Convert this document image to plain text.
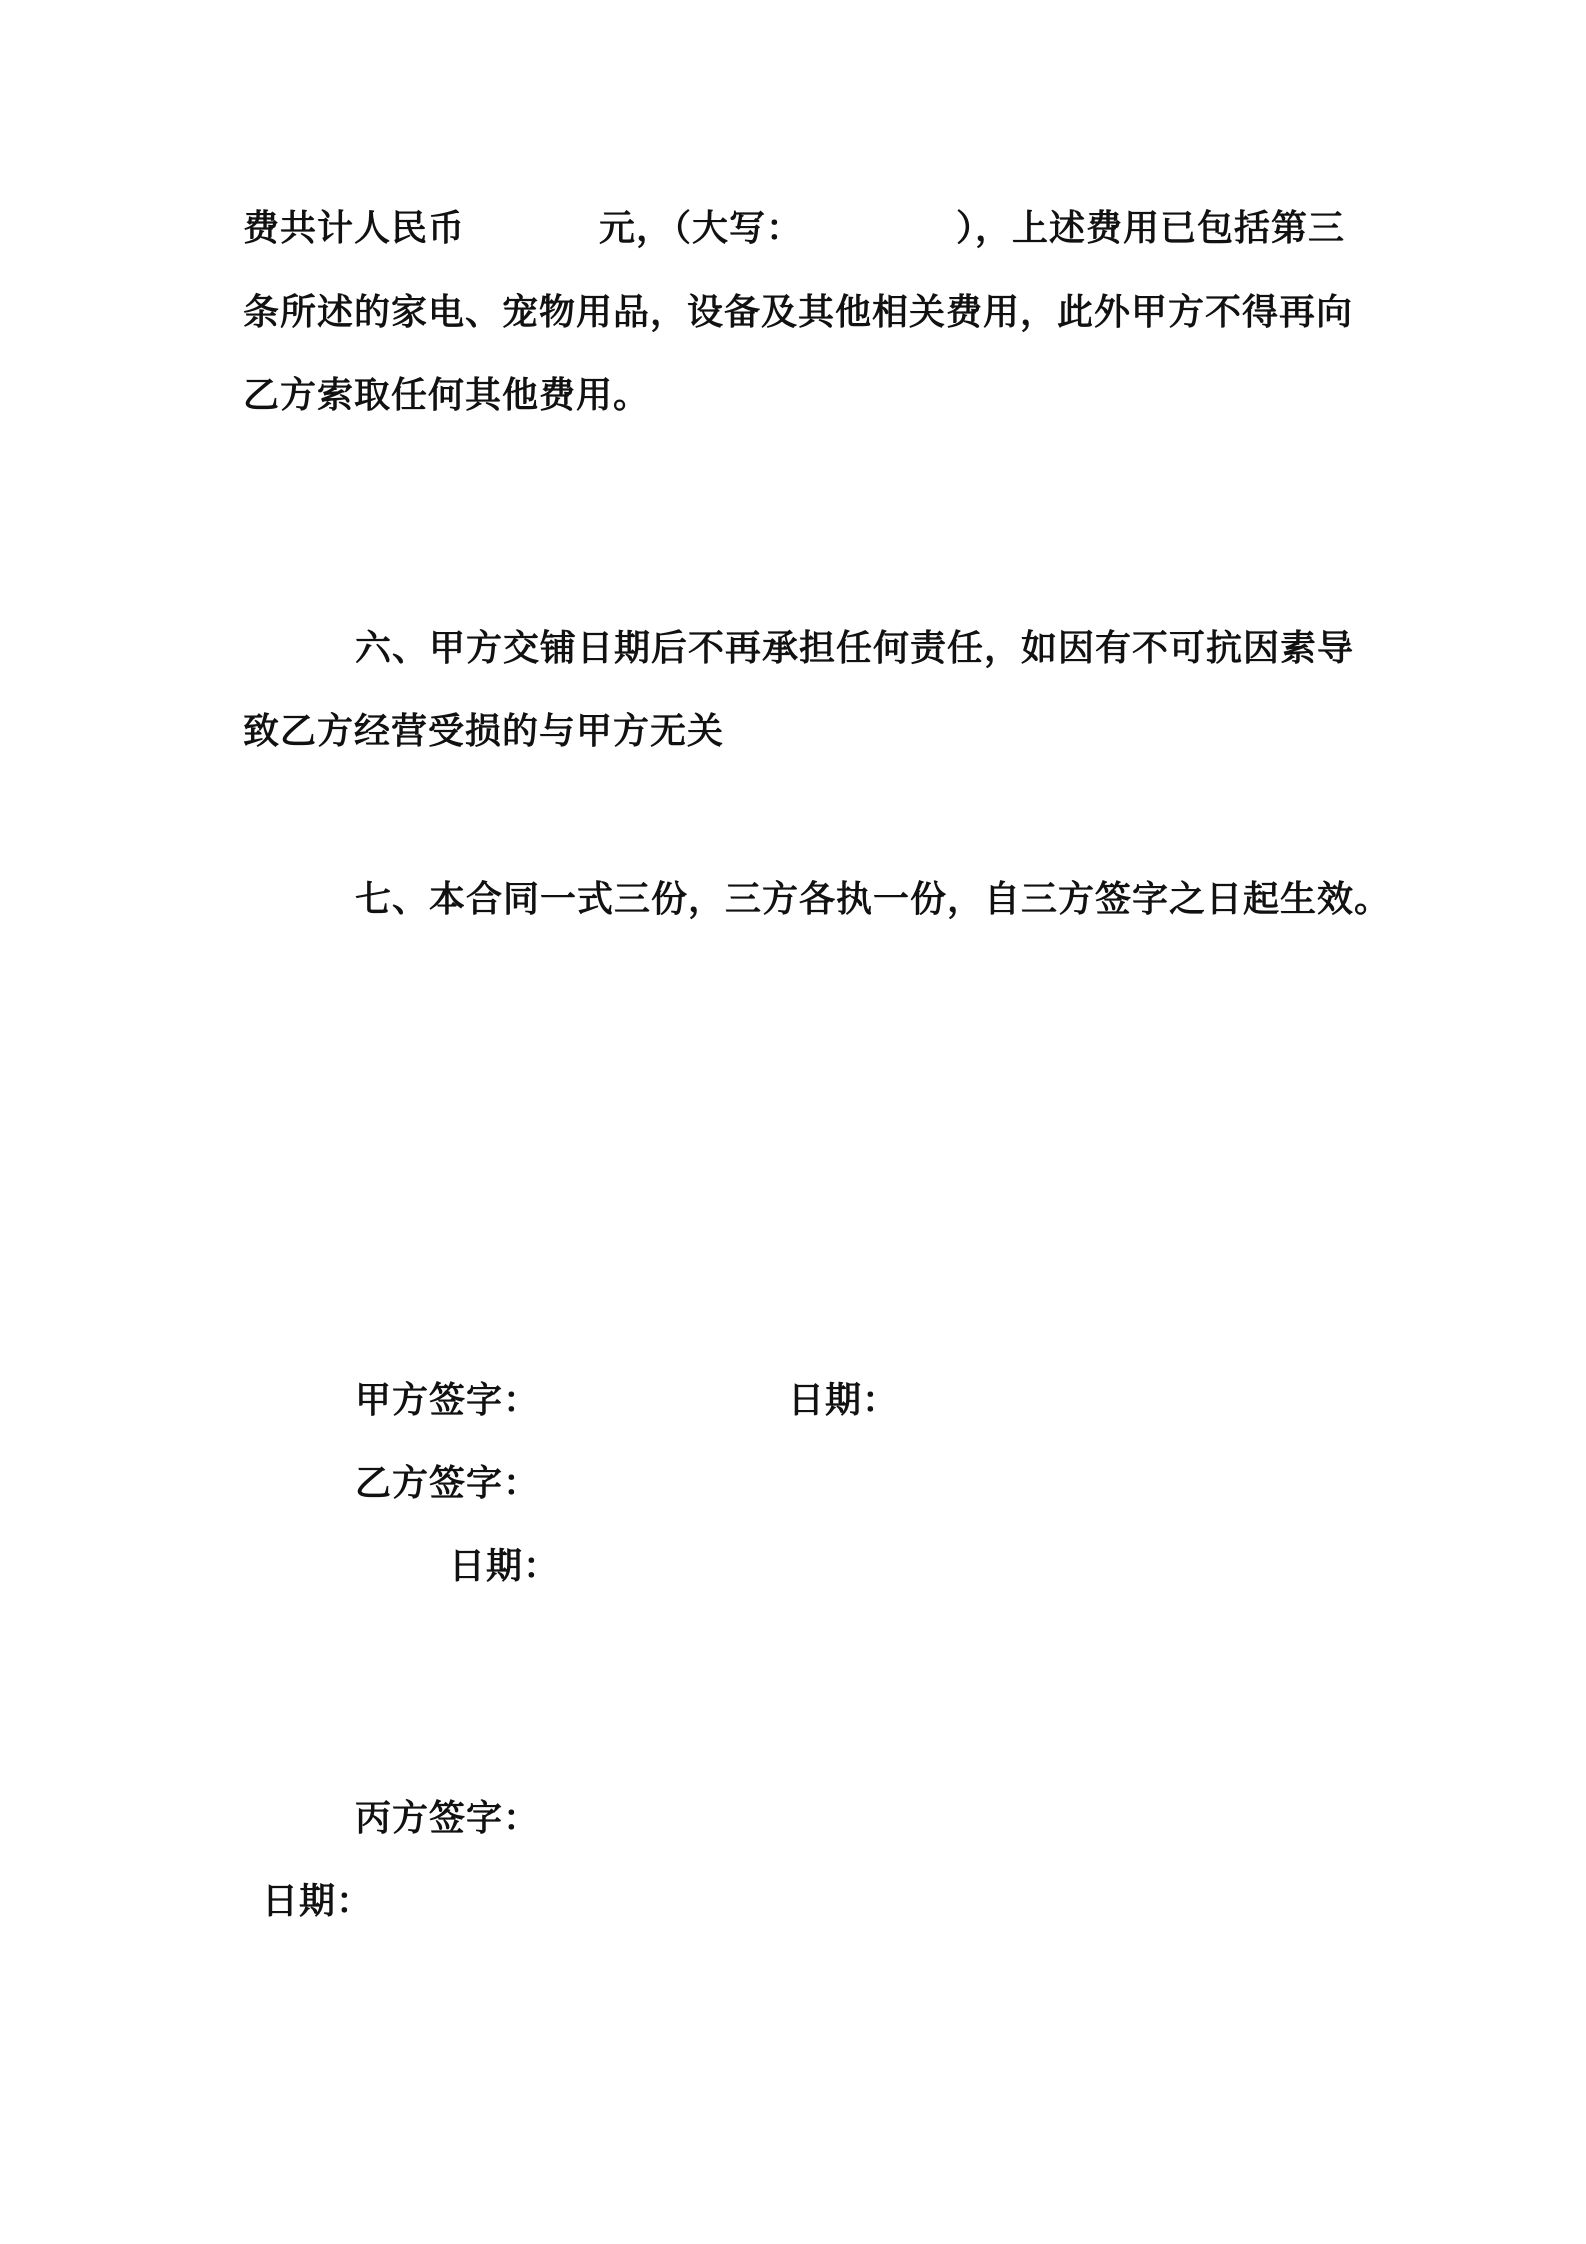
费共计人民币	元，（大写：	），上述费用已包括第三
条所述的家电、宠物用品，设备及其他相关费用，此外甲方不得再向
乙方索取任何其他费用。
六、甲方交铺日期后不再承担任何责任，如因有不可抗因素导
致乙方经营受损的与甲方无关
七、本合同一式三份，三方各执一份，自三方签字之日起生效。
甲方签字：	日期：
乙方签字：
日期：
丙方签字：
日期：
